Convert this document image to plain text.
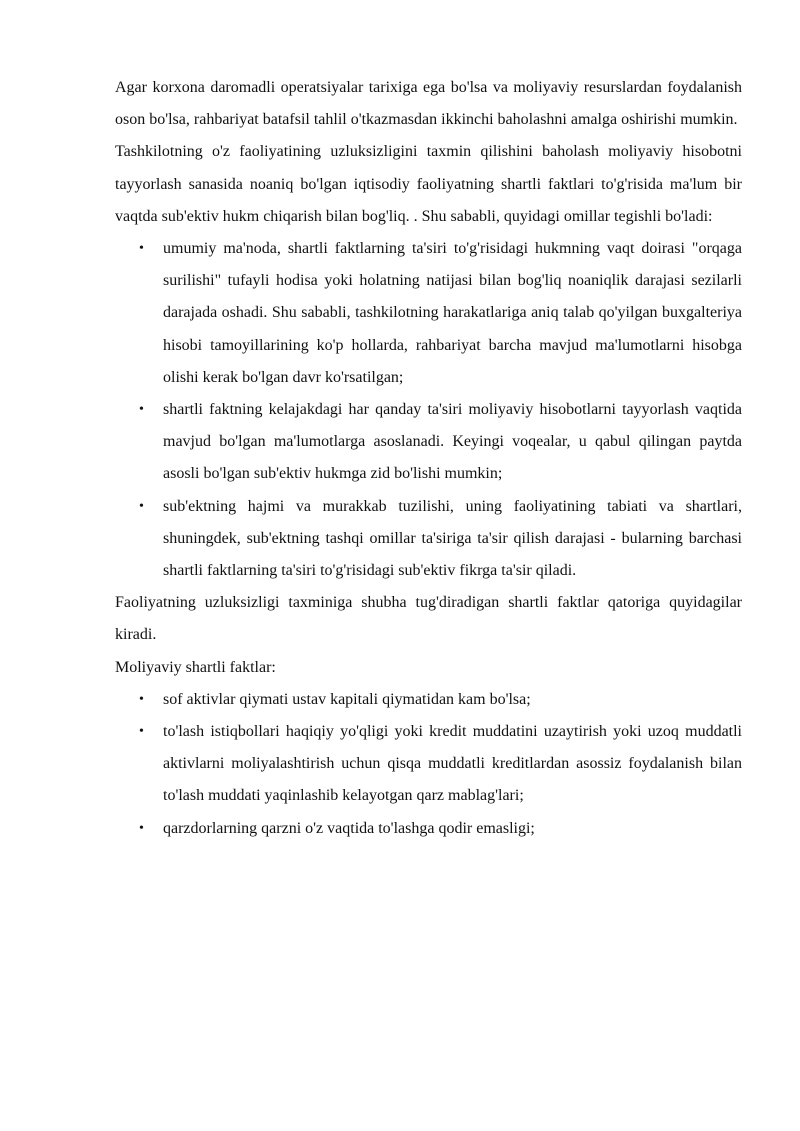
Agar korxona daromadli operatsiyalar tarixiga ega bo'lsa va moliyaviy resurslardan foydalanish oson bo'lsa, rahbariyat batafsil tahlil o'tkazmasdan ikkinchi baholashni amalga oshirishi mumkin.

Tashkilotning o'z faoliyatining uzluksizligini taxmin qilishini baholash moliyaviy hisobotni tayyorlash sanasida noaniq bo'lgan iqtisodiy faoliyatning shartli faktlari to'g'risida ma'lum bir vaqtda sub'ektiv hukm chiqarish bilan bog'liq. . Shu sababli, quyidagi omillar tegishli bo'ladi:

• umumiy ma'noda, shartli faktlarning ta'siri to'g'risidagi hukmning vaqt doirasi "orqaga surilishi" tufayli hodisa yoki holatning natijasi bilan bog'liq noaniqlik darajasi sezilarli darajada oshadi. Shu sababli, tashkilotning harakatlariga aniq talab qo'yilgan buxgalteriya hisobi tamoyillarining ko'p hollarda, rahbariyat barcha mavjud ma'lumotlarni hisobga olishi kerak bo'lgan davr ko'rsatilgan;
• shartli faktning kelajakdagi har qanday ta'siri moliyaviy hisobotlarni tayyorlash vaqtida mavjud bo'lgan ma'lumotlarga asoslanadi. Keyingi voqealar, u qabul qilingan paytda asosli bo'lgan sub'ektiv hukmga zid bo'lishi mumkin;
• sub'ektning hajmi va murakkab tuzilishi, uning faoliyatining tabiati va shartlari, shuningdek, sub'ektning tashqi omillar ta'siriga ta'sir qilish darajasi - bularning barchasi shartli faktlarning ta'siri to'g'risidagi sub'ektiv fikrga ta'sir qiladi.

Faoliyatning uzluksizligi taxminiga shubha tug'diradigan shartli faktlar qatoriga quyidagilar kiradi.

Moliyaviy shartli faktlar:

• sof aktivlar qiymati ustav kapitali qiymatidan kam bo'lsa;
• to'lash istiqbollari haqiqiy yo'qligi yoki kredit muddatini uzaytirish yoki uzoq muddatli aktivlarni moliyalashtirish uchun qisqa muddatli kreditlardan asossiz foydalanish bilan to'lash muddati yaqinlashib kelayotgan qarz mablag'lari;
• qarzdorlarning qarzni o'z vaqtida to'lashga qodir emasligi;
